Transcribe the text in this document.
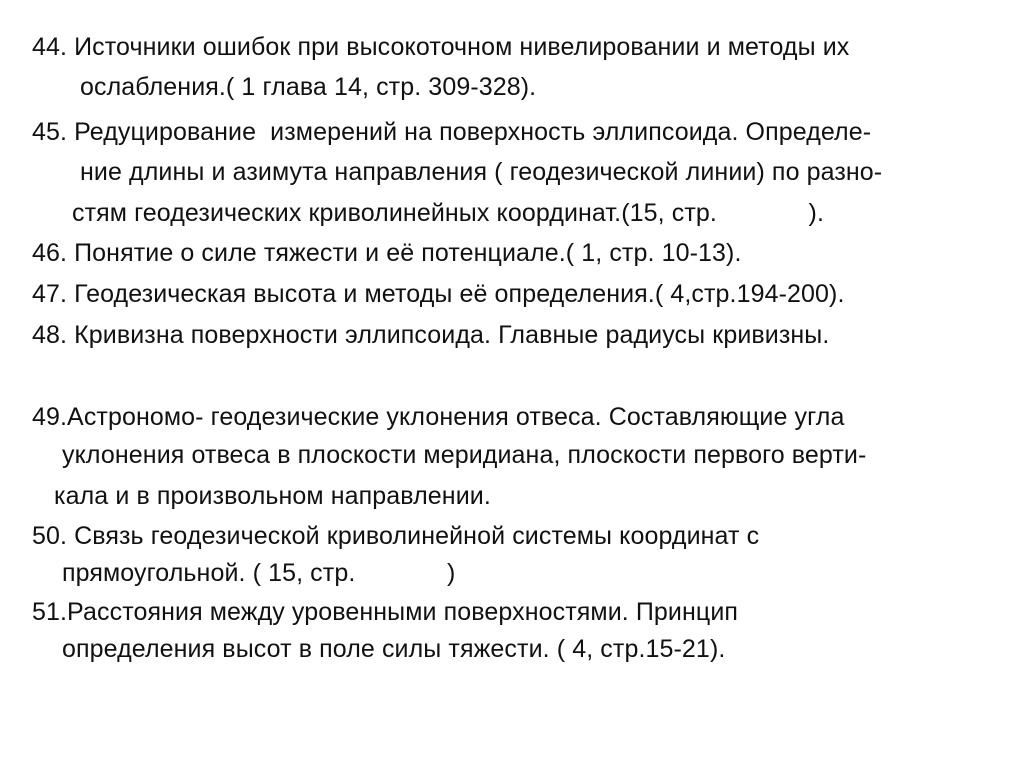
44. Источники ошибок при высокоточном нивелировании и методы их
ослабления.( 1 глава 14, стр. 309-328).
45. Редуцирование  измерений на поверхность эллипсоида. Определе-
ние длины и азимута направления ( геодезической линии) по разно-
стям геодезических криволинейных координат.(15, стр.             ).
46. Понятие о силе тяжести и её потенциале.( 1, стр. 10-13).
47. Геодезическая высота и методы её определения.( 4,стр.194-200).
48. Кривизна поверхности эллипсоида. Главные радиусы кривизны.
49.Астрономо- геодезические уклонения отвеса. Составляющие угла
уклонения отвеса в плоскости меридиана, плоскости первого верти-
кала и в произвольном направлении.
50. Связь геодезической криволинейной системы координат с
прямоугольной. ( 15, стр.             )
51.Расстояния между уровенными поверхностями. Принцип
определения высот в поле силы тяжести. ( 4, стр.15-21).
